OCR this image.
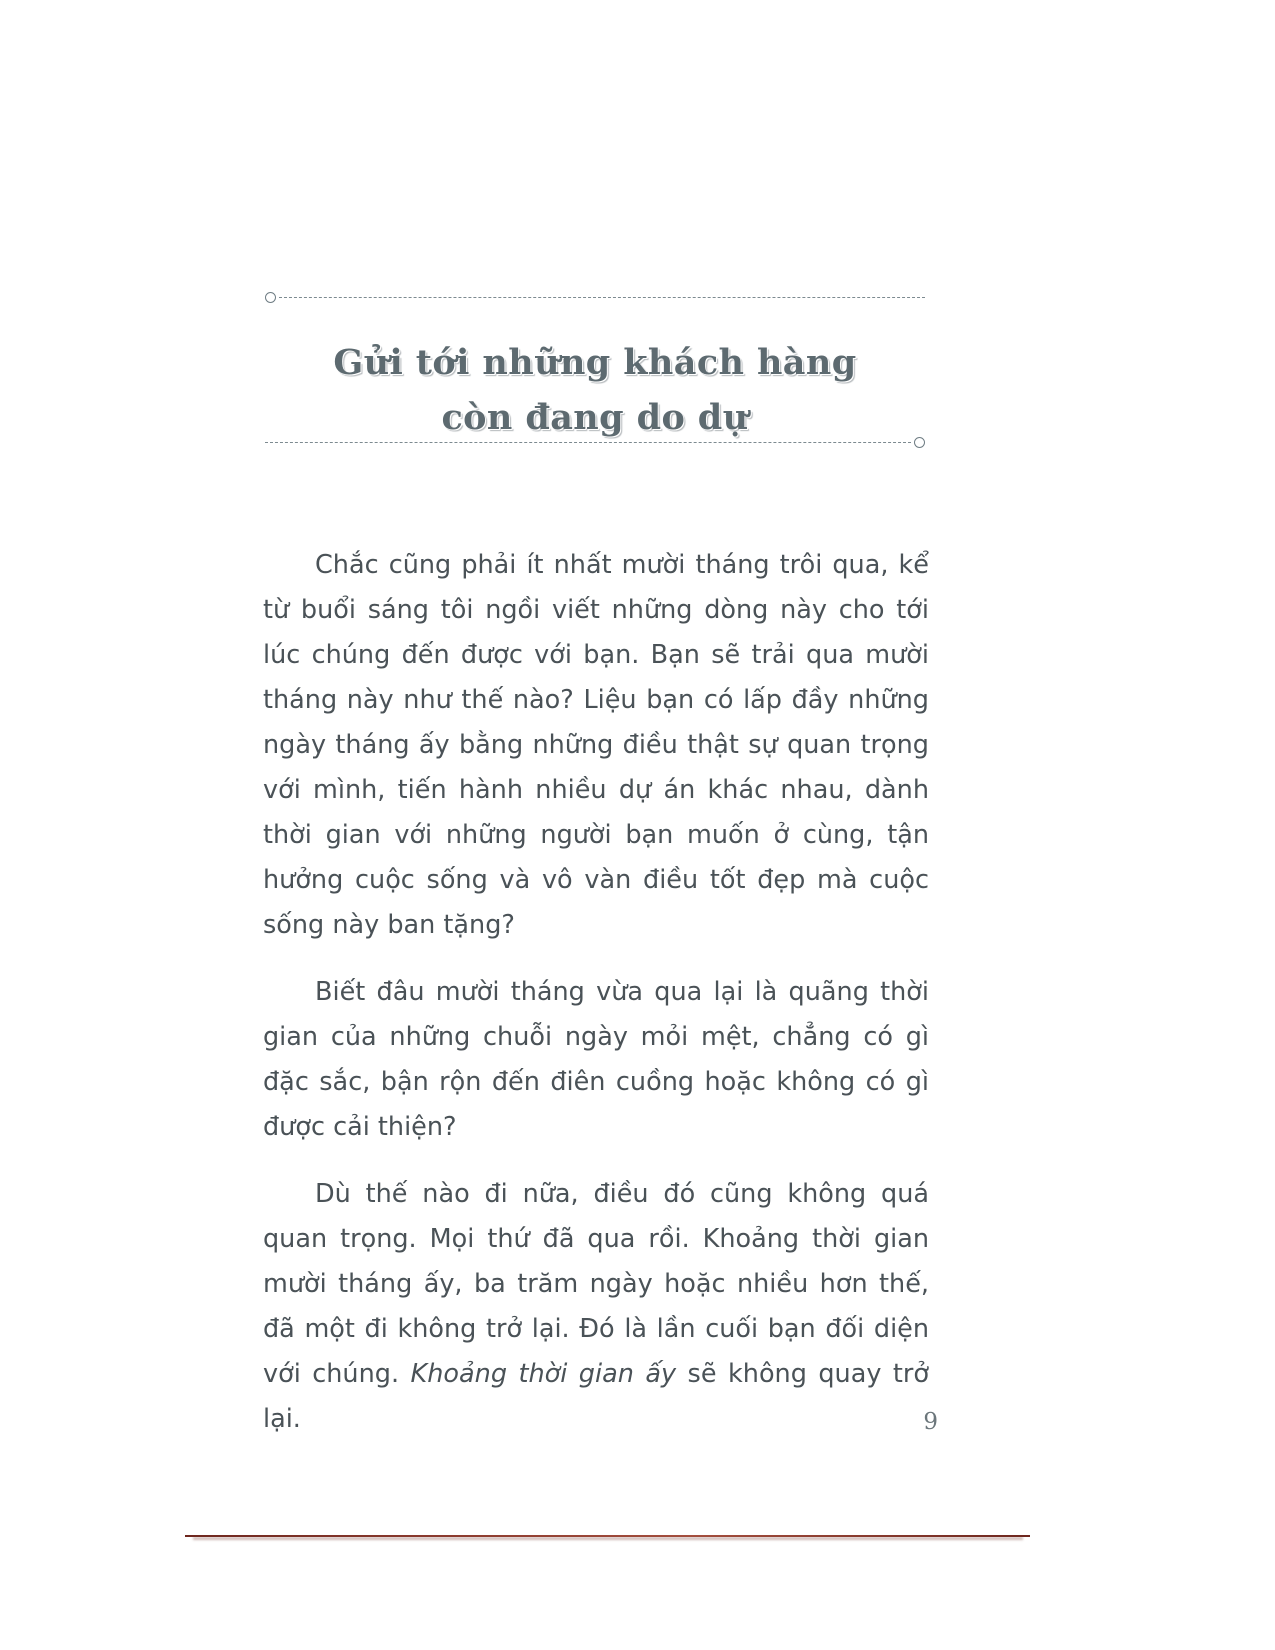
Gửi tới những khách hàng
còn đang do dự

Chắc cũng phải ít nhất mười tháng trôi qua, kể từ buổi sáng tôi ngồi viết những dòng này cho tới lúc chúng đến được với bạn. Bạn sẽ trải qua mười tháng này như thế nào? Liệu bạn có lấp đầy những ngày tháng ấy bằng những điều thật sự quan trọng với mình, tiến hành nhiều dự án khác nhau, dành thời gian với những người bạn muốn ở cùng, tận hưởng cuộc sống và vô vàn điều tốt đẹp mà cuộc sống này ban tặng?

Biết đâu mười tháng vừa qua lại là quãng thời gian của những chuỗi ngày mỏi mệt, chẳng có gì đặc sắc, bận rộn đến điên cuồng hoặc không có gì được cải thiện?

Dù thế nào đi nữa, điều đó cũng không quá quan trọng. Mọi thứ đã qua rồi. Khoảng thời gian mười tháng ấy, ba trăm ngày hoặc nhiều hơn thế, đã một đi không trở lại. Đó là lần cuối bạn đối diện với chúng. Khoảng thời gian ấy sẽ không quay trở lại.	9
